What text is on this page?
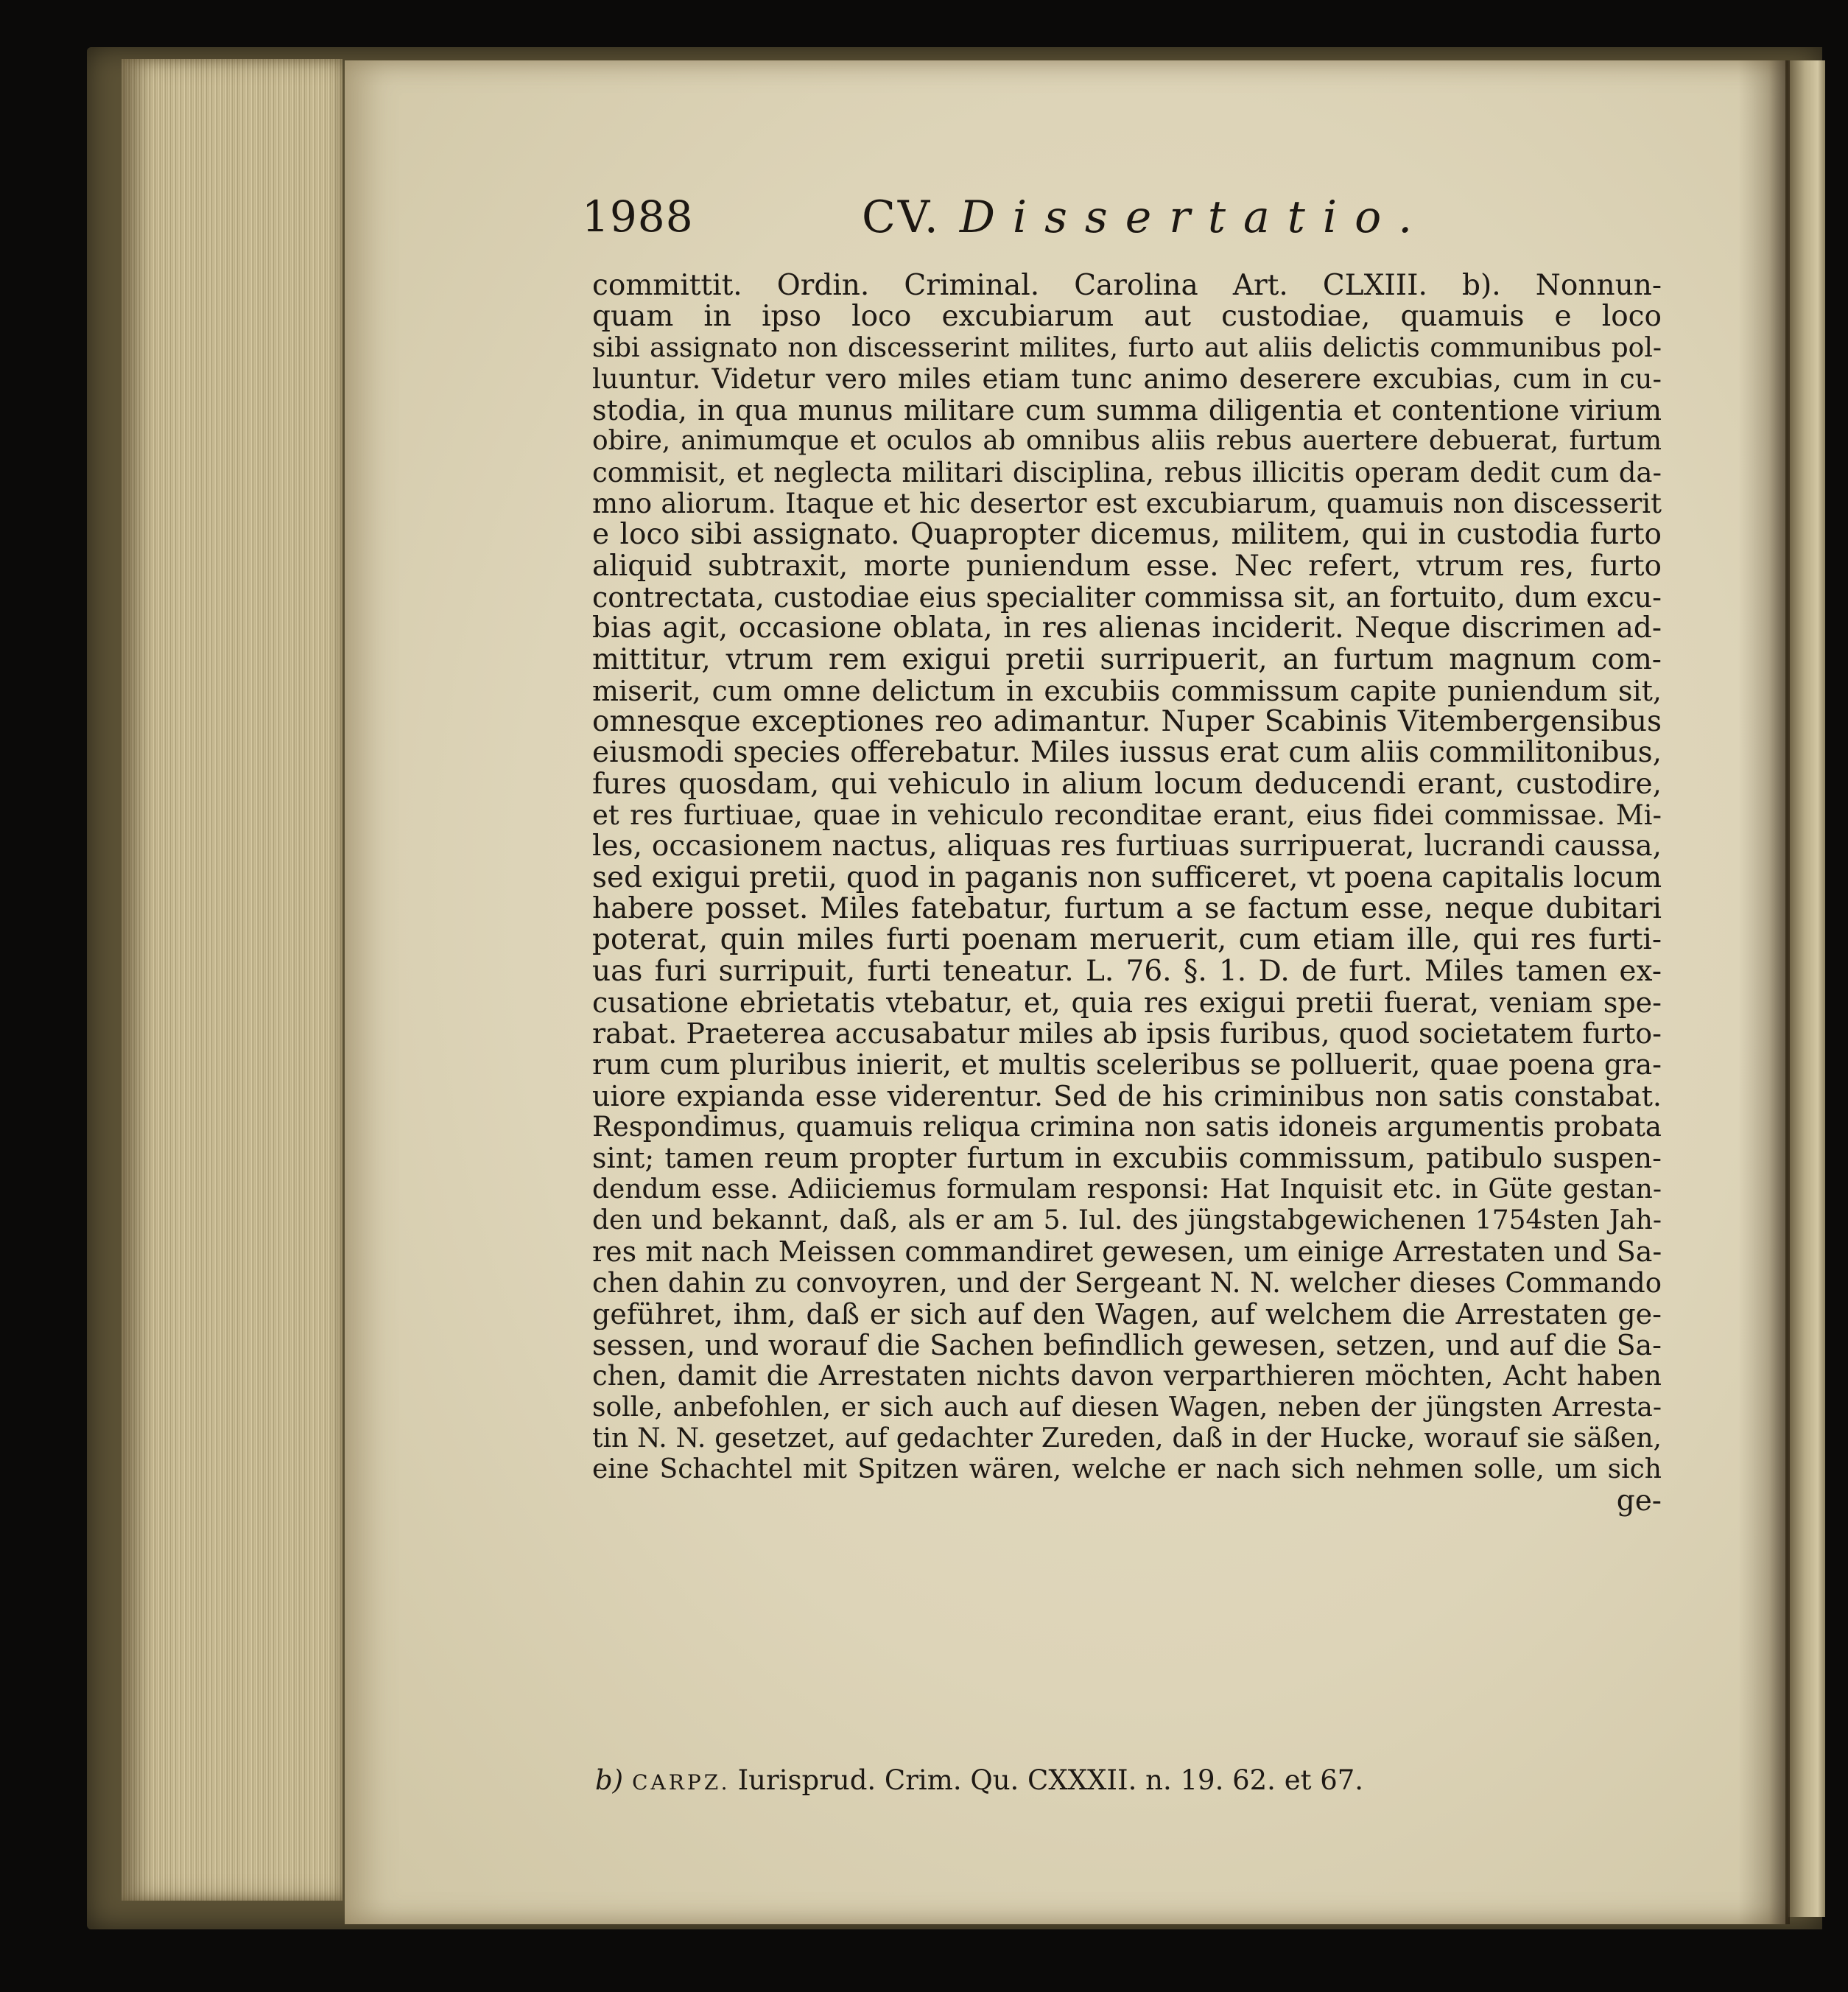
1988	CV. Dissertatio.
committit. Ordin. Criminal. Carolina Art. CLXIII. b). Nonnun-
quam in ipso loco excubiarum aut custodiae, quamuis e loco
sibi assignato non discesserint milites, furto aut aliis delictis communibus pol-
luuntur. Videtur vero miles etiam tunc animo deserere excubias, cum in cu-
stodia, in qua munus militare cum summa diligentia et contentione virium
obire, animumque et oculos ab omnibus aliis rebus auertere debuerat, furtum
commisit, et neglecta militari disciplina, rebus illicitis operam dedit cum da-
mno aliorum. Itaque et hic desertor est excubiarum, quamuis non discesserit
e loco sibi assignato. Quapropter dicemus, militem, qui in custodia furto
aliquid subtraxit, morte puniendum esse. Nec refert, vtrum res, furto
contrectata, custodiae eius specialiter commissa sit, an fortuito, dum excu-
bias agit, occasione oblata, in res alienas inciderit. Neque discrimen ad-
mittitur, vtrum rem exigui pretii surripuerit, an furtum magnum com-
miserit, cum omne delictum in excubiis commissum capite puniendum sit,
omnesque exceptiones reo adimantur. Nuper Scabinis Vitembergensibus
eiusmodi species offerebatur. Miles iussus erat cum aliis commilitonibus,
fures quosdam, qui vehiculo in alium locum deducendi erant, custodire,
et res furtiuae, quae in vehiculo reconditae erant, eius fidei commissae. Mi-
les, occasionem nactus, aliquas res furtiuas surripuerat, lucrandi caussa,
sed exigui pretii, quod in paganis non sufficeret, vt poena capitalis locum
habere posset. Miles fatebatur, furtum a se factum esse, neque dubitari
poterat, quin miles furti poenam meruerit, cum etiam ille, qui res furti-
uas furi surripuit, furti teneatur. L. 76. §. 1. D. de furt. Miles tamen ex-
cusatione ebrietatis vtebatur, et, quia res exigui pretii fuerat, veniam spe-
rabat. Praeterea accusabatur miles ab ipsis furibus, quod societatem furto-
rum cum pluribus inierit, et multis sceleribus se polluerit, quae poena gra-
uiore expianda esse viderentur. Sed de his criminibus non satis constabat.
Respondimus, quamuis reliqua crimina non satis idoneis argumentis probata
sint; tamen reum propter furtum in excubiis commissum, patibulo suspen-
dendum esse. Adiiciemus formulam responsi: Hat Inquisit etc. in Güte gestan-
den und bekannt, daß, als er am 5. Iul. des jüngstabgewichenen 1754sten Jah-
res mit nach Meissen commandiret gewesen, um einige Arrestaten und Sa-
chen dahin zu convoyren, und der Sergeant N. N. welcher dieses Commando
geführet, ihm, daß er sich auf den Wagen, auf welchem die Arrestaten ge-
sessen, und worauf die Sachen befindlich gewesen, setzen, und auf die Sa-
chen, damit die Arrestaten nichts davon verparthieren möchten, Acht haben
solle, anbefohlen, er sich auch auf diesen Wagen, neben der jüngsten Arresta-
tin N. N. gesetzet, auf gedachter Zureden, daß in der Hucke, worauf sie säßen,
eine Schachtel mit Spitzen wären, welche er nach sich nehmen solle, um sich
ge-
b) CARPZ. Iurisprud. Crim. Qu. CXXXII. n. 19. 62. et 67.
